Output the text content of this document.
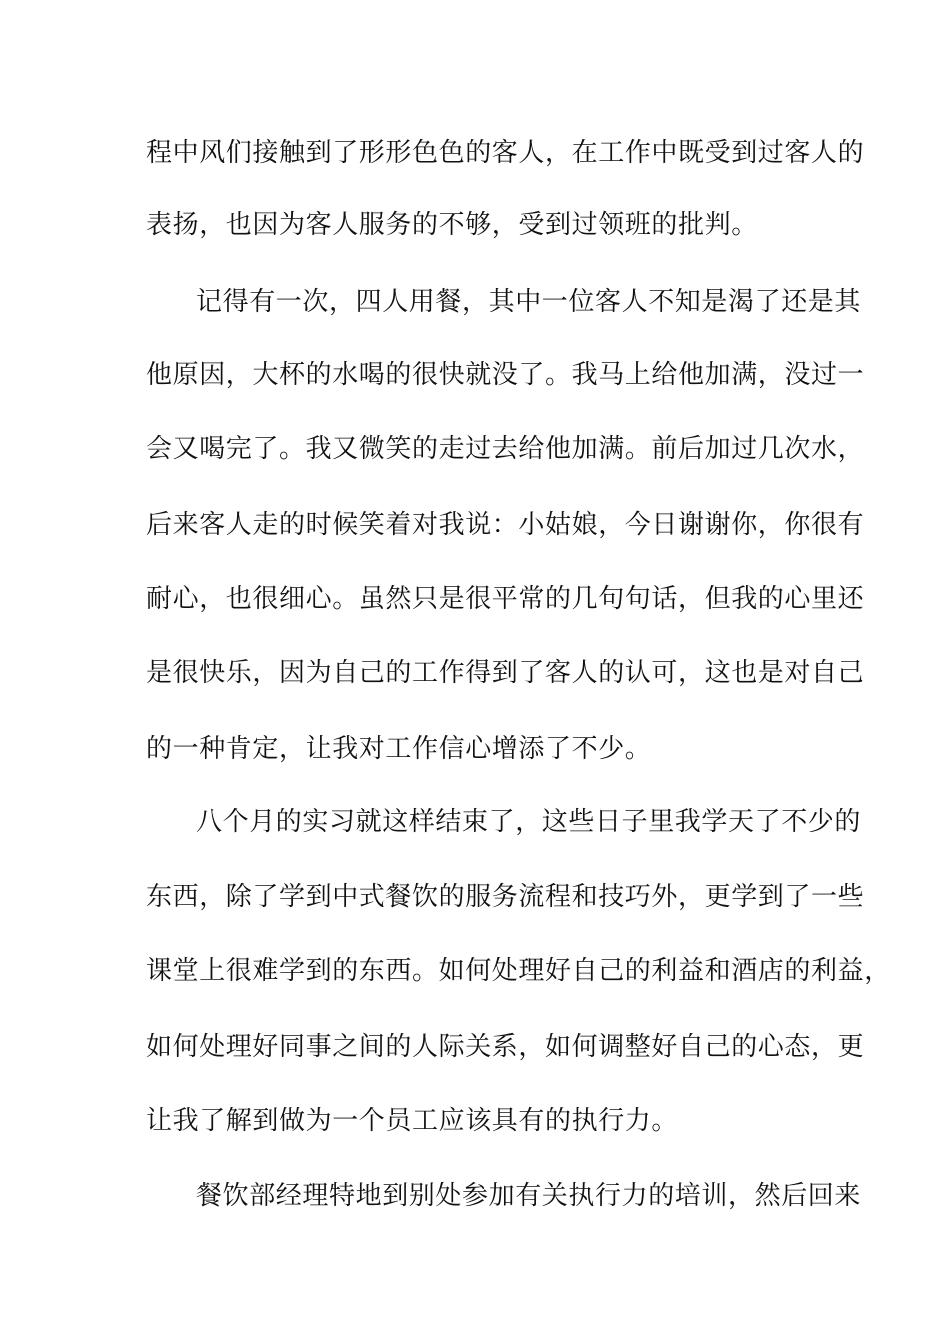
程中风们接触到了形形色色的客人，在工作中既受到过客人的
表扬，也因为客人服务的不够，受到过领班的批判。
记得有一次，四人用餐，其中一位客人不知是渴了还是其
他原因，大杯的水喝的很快就没了。我马上给他加满，没过一
会又喝完了。我又微笑的走过去给他加满。前后加过几次水，
后来客人走的时候笑着对我说：小姑娘，今日谢谢你，你很有
耐心，也很细心。虽然只是很平常的几句句话，但我的心里还
是很快乐，因为自己的工作得到了客人的认可，这也是对自己
的一种肯定，让我对工作信心增添了不少。
八个月的实习就这样结束了，这些日子里我学天了不少的
东西，除了学到中式餐饮的服务流程和技巧外，更学到了一些
课堂上很难学到的东西。如何处理好自己的利益和酒店的利益，
如何处理好同事之间的人际关系，如何调整好自己的心态，更
让我了解到做为一个员工应该具有的执行力。
餐饮部经理特地到别处参加有关执行力的培训，然后回来
